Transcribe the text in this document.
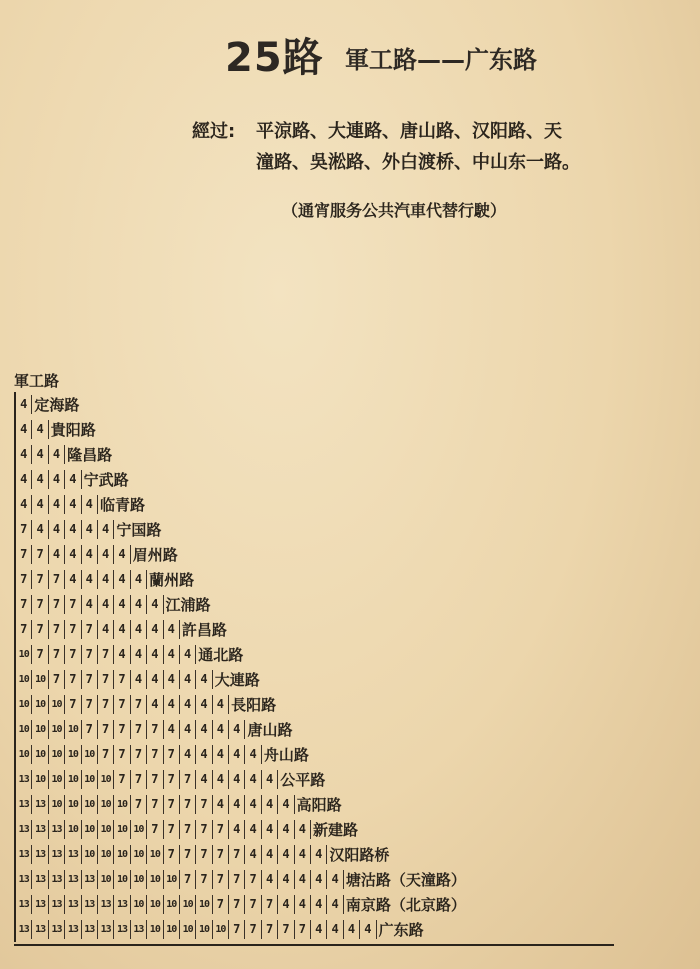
25路 軍工路——广东路
經过: 平涼路、大連路、唐山路、汉阳路、天
潼路、吳淞路、外白渡桥、中山东一路。
（通宵服务公共汽車代替行駛）
軍工路
4 定海路
4 4 貴阳路
4 4 4 隆昌路
4 4 4 4 宁武路
4 4 4 4 4 临青路
7 4 4 4 4 4 宁国路
7 7 4 4 4 4 4 眉州路
7 7 7 4 4 4 4 4 蘭州路
7 7 7 7 4 4 4 4 4 江浦路
7 7 7 7 7 4 4 4 4 4 許昌路
10 7 7 7 7 7 4 4 4 4 4 通北路
10 10 7 7 7 7 7 4 4 4 4 4 大連路
10 10 10 7 7 7 7 7 4 4 4 4 4 長阳路
10 10 10 10 7 7 7 7 7 4 4 4 4 4 唐山路
10 10 10 10 10 7 7 7 7 7 4 4 4 4 4 舟山路
13 10 10 10 10 10 7 7 7 7 7 4 4 4 4 4 公平路
13 13 10 10 10 10 10 7 7 7 7 7 4 4 4 4 4 高阳路
13 13 13 10 10 10 10 10 7 7 7 7 7 4 4 4 4 4 新建路
13 13 13 13 10 10 10 10 10 7 7 7 7 7 4 4 4 4 4 汉阳路桥
13 13 13 13 13 10 10 10 10 10 7 7 7 7 7 4 4 4 4 4 塘沽路（天潼路）
13 13 13 13 13 13 13 10 10 10 10 10 7 7 7 7 4 4 4 4 南京路（北京路）
13 13 13 13 13 13 13 13 10 10 10 10 10 7 7 7 7 7 4 4 4 4 广东路
